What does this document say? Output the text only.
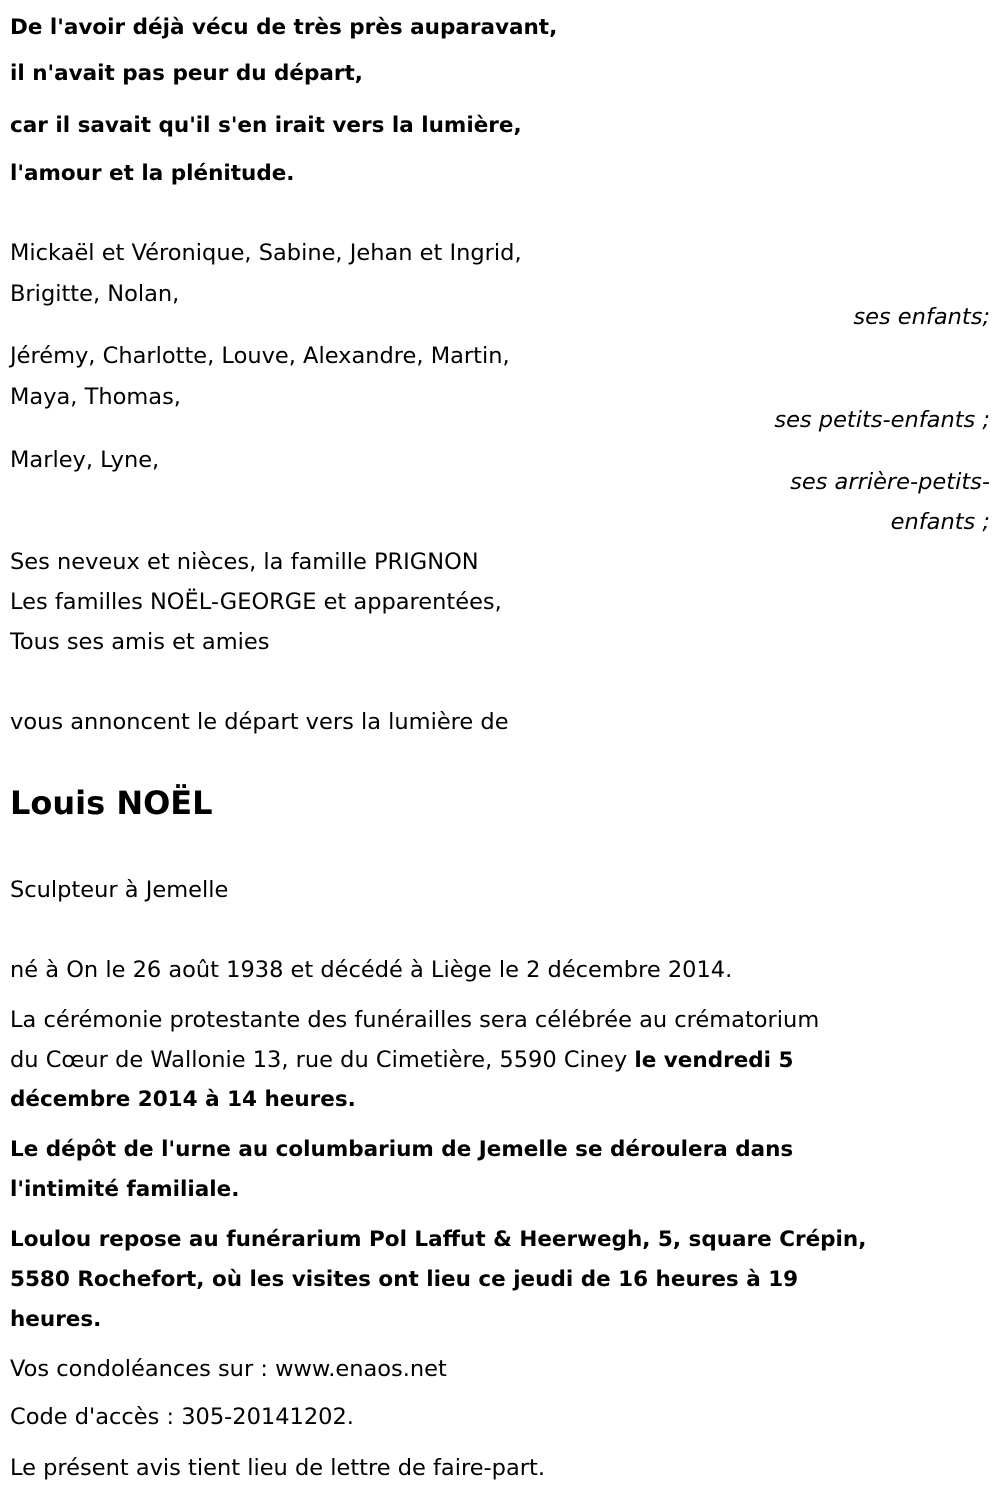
De l'avoir déjà vécu de très près auparavant,
il n'avait pas peur du départ,
car il savait qu'il s'en irait vers la lumière,
l'amour et la plénitude.
Mickaël et Véronique, Sabine, Jehan et Ingrid,
Brigitte, Nolan,
ses enfants;
Jérémy, Charlotte, Louve, Alexandre, Martin,
Maya, Thomas,
ses petits-enfants ;
Marley, Lyne,
ses arrière-petits-
enfants ;
Ses neveux et nièces, la famille PRIGNON
Les familles NOËL-GEORGE et apparentées,
Tous ses amis et amies
vous annoncent le départ vers la lumière de
Louis NOËL
Sculpteur à Jemelle
né à On le 26 août 1938 et décédé à Liège le 2 décembre 2014.
La cérémonie protestante des funérailles sera célébrée au crématorium
du Cœur de Wallonie 13, rue du Cimetière, 5590 Ciney le vendredi 5
décembre 2014 à 14 heures.
Le dépôt de l'urne au columbarium de Jemelle se déroulera dans
l'intimité familiale.
Loulou repose au funérarium Pol Laffut & Heerwegh, 5, square Crépin,
5580 Rochefort, où les visites ont lieu ce jeudi de 16 heures à 19
heures.
Vos condoléances sur : www.enaos.net
Code d'accès : 305-20141202.
Le présent avis tient lieu de lettre de faire-part.
